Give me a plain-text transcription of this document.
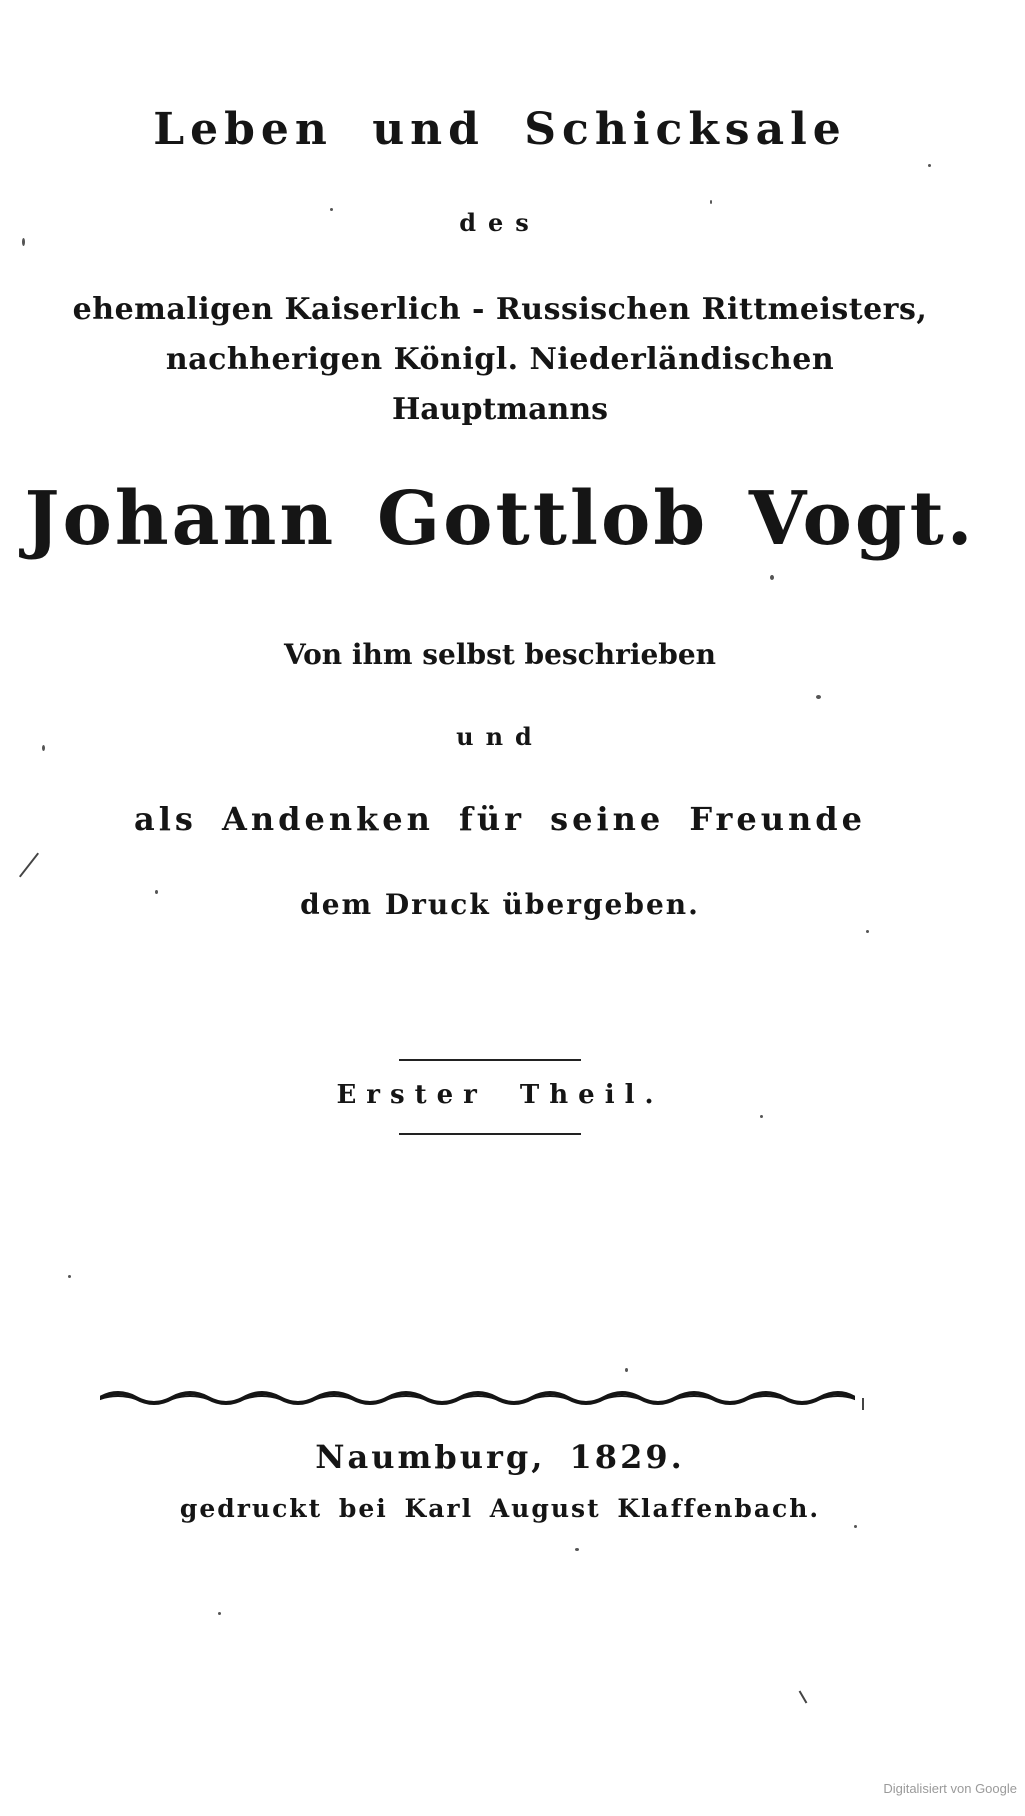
Leben und Schicksale
des
ehemaligen Kaiserlich - Russischen Rittmeisters,
nachherigen Königl. Niederländischen
Hauptmanns
Johann Gottlob Vogt.
Von ihm selbst beschrieben
und
als Andenken für seine Freunde
dem Druck übergeben.
Erster Theil.
Naumburg, 1829.
gedruckt bei Karl August Klaffenbach.
Digitalisiert von Google
